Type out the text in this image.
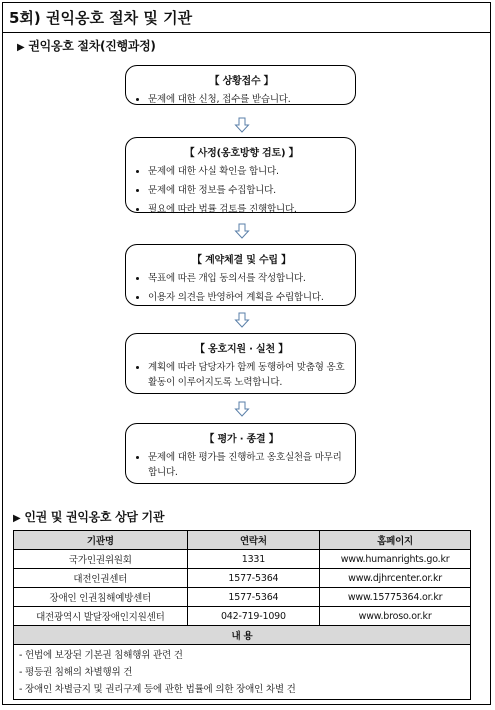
5회) 권익옹호 절차 및 기관
▶ 권익옹호 절차(진행과정)
【 상황접수 】
• 문제에 대한 신청, 접수를 받습니다.
【 사정(옹호방향 검토) 】
• 문제에 대한 사실 확인을 합니다.
• 문제에 대한 정보를 수집합니다.
• 필요에 따라 법률 검토를 진행합니다.
【 계약체결 및 수립 】
• 목표에 따른 개입 동의서를 작성합니다.
• 이용자 의견을 반영하여 계획을 수립합니다.
【 옹호지원 · 실천 】
• 계획에 따라 담당자가 함께 동행하여 맞춤형 옹호활동이 이루어지도록 노력합니다.
【 평가 · 종결 】
• 문제에 대한 평가를 진행하고 옹호실천을 마무리합니다.
▶ 인권 및 권익옹호 상담 기관
기관명	연락처	홈페이지
국가인권위원회	1331	www.humanrights.go.kr
대전인권센터	1577-5364	www.djhrcenter.or.kr
장애인 인권침해예방센터	1577-5364	www.15775364.or.kr
대전광역시 발달장애인지원센터	042-719-1090	www.broso.or.kr
내 용		
- 헌법에 보장된 기본권 침해행위 관련 건
- 평등권 침해의 차별행위 건
- 장애인 차별금지 및 권리구제 등에 관한 법률에 의한 장애인 차별 건
